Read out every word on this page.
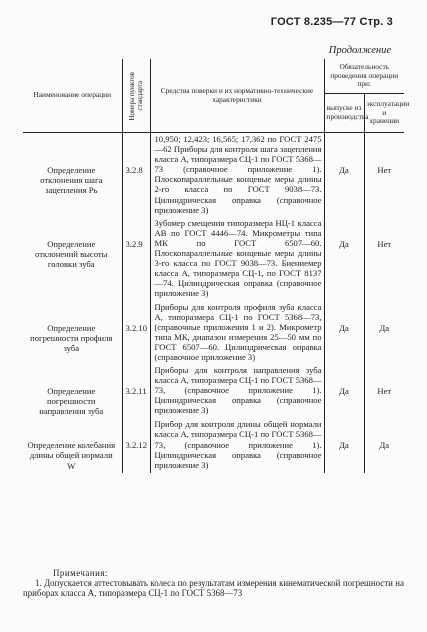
ГОСТ 8.235—77 Стр. 3
Продолжение
Наименование операции	Номера пунктов стандарта	Средства поверки и их нормативно-технические характеристики	Обязательность проведения операции при:	
			выпуске из производства	эксплуатации и хранении
Определение отклонения шага зацепления Pь	3.2.8	10,950; 12,423; 16,565; 17,362 по ГОСТ 2475—62 Приборы для контроля шага зацепления класса А, типоразмера СЦ-1 по ГОСТ 5368—73 (справочное приложение 1). Плоскопараллельные концевые меры длины 2-го класса по ГОСТ 9038—73. Цилиндрическая оправка (справочное приложение 3)	Да	Нет
Определение отклонений высоты головки зуба	3.2.9	Зубомер смещения типоразмера НЦ-1 класса АВ по ГОСТ 4446—74. Микрометры типа МК по ГОСТ 6507—60. Плоскопараллельные концевые меры длины 3-го класса по ГОСТ 9038—73. Биениемер класса А, типоразмера СЦ-1, по ГОСТ 8137—74. Цилиндрическая оправка (справочное приложение 3)	Да	Нет
Определение погрешности профиля зуба	3.2.10	Приборы для контроля профиля зуба класса А, типоразмера СЦ-1 по ГОСТ 5368—73, (справочные приложения 1 и 2). Микрометр типа МК, диапазон измерения 25—50 мм по ГОСТ 6507—60. Цилиндрическая оправка (справочное приложение 3)	Да	Да
Определение погрешности направления зуба	3.2.11	Приборы для контроля направления зуба класса А, типоразмера СЦ-1 по ГОСТ 5368—73, (справочное приложение 1). Цилиндрическая оправка (справочное приложение 3)	Да	Нет
Определение колебания длины общей нормали W	3.2.12	Прибор для контроля длины общей нормали класса А, типоразмера СЦ-1 по ГОСТ 5368—73, (справочное приложение 1). Цилиндрическая оправка (справочное приложение 3)	Да	Да
Примечания:
1. Допускается аттестовывать колеса по результатам измерения кинематической погрешности на приборах класса А, типоразмера СЦ-1 по ГОСТ 5368—73
